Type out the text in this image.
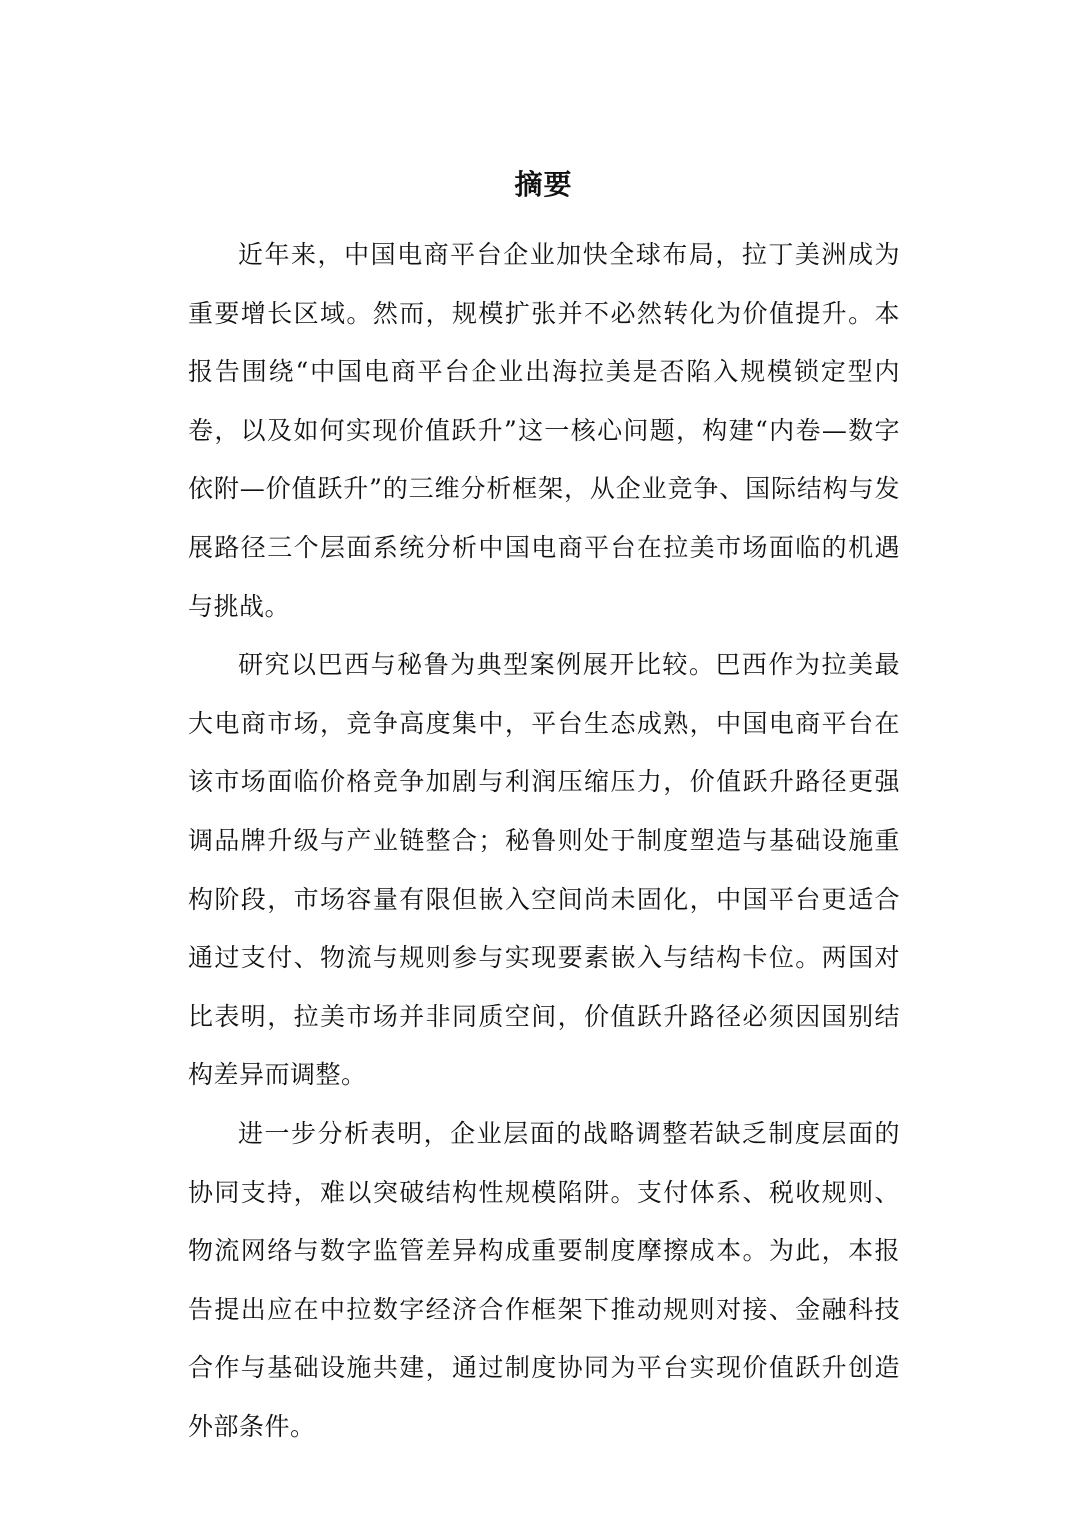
摘要

近年来，中国电商平台企业加快全球布局，拉丁美洲成为重要增长区域。然而，规模扩张并不必然转化为价值提升。本报告围绕“中国电商平台企业出海拉美是否陷入规模锁定型内卷，以及如何实现价值跃升”这一核心问题，构建“内卷—数字依附—价值跃升”的三维分析框架，从企业竞争、国际结构与发展路径三个层面系统分析中国电商平台在拉美市场面临的机遇与挑战。

研究以巴西与秘鲁为典型案例展开比较。巴西作为拉美最大电商市场，竞争高度集中，平台生态成熟，中国电商平台在该市场面临价格竞争加剧与利润压缩压力，价值跃升路径更强调品牌升级与产业链整合；秘鲁则处于制度塑造与基础设施重构阶段，市场容量有限但嵌入空间尚未固化，中国平台更适合通过支付、物流与规则参与实现要素嵌入与结构卡位。两国对比表明，拉美市场并非同质空间，价值跃升路径必须因国别结构差异而调整。

进一步分析表明，企业层面的战略调整若缺乏制度层面的协同支持，难以突破结构性规模陷阱。支付体系、税收规则、物流网络与数字监管差异构成重要制度摩擦成本。为此，本报告提出应在中拉数字经济合作框架下推动规则对接、金融科技合作与基础设施共建，通过制度协同为平台实现价值跃升创造外部条件。
